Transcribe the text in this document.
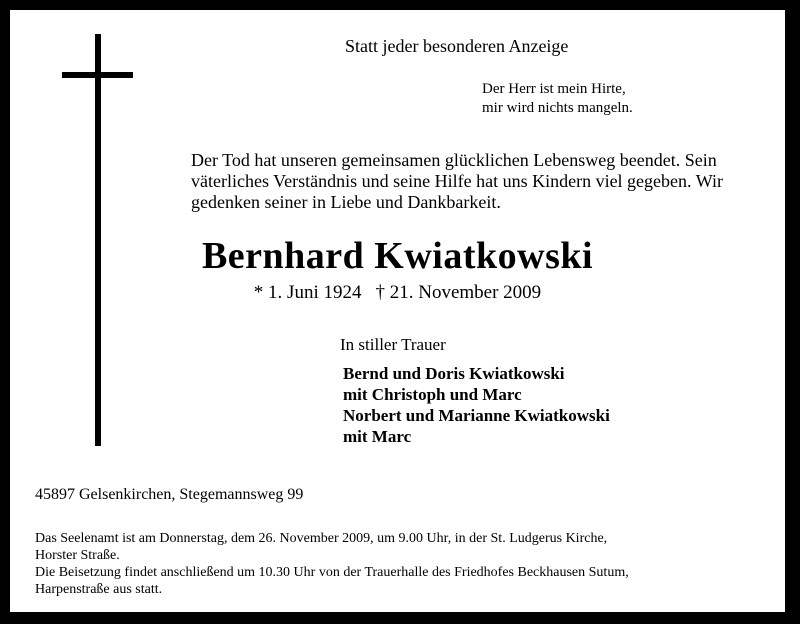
Statt jeder besonderen Anzeige
Der Herr ist mein Hirte,
mir wird nichts mangeln.
Der Tod hat unseren gemeinsamen glücklichen Lebensweg beendet. Sein
väterliches Verständnis und seine Hilfe hat uns Kindern viel gegeben. Wir
gedenken seiner in Liebe und Dankbarkeit.
Bernhard Kwiatkowski
* 1. Juni 1924 † 21. November 2009
In stiller Trauer
Bernd und Doris Kwiatkowski
mit Christoph und Marc
Norbert und Marianne Kwiatkowski
mit Marc
45897 Gelsenkirchen, Stegemannsweg 99
Das Seelenamt ist am Donnerstag, dem 26. November 2009, um 9.00 Uhr, in der St. Ludgerus Kirche,
Horster Straße.
Die Beisetzung findet anschließend um 10.30 Uhr von der Trauerhalle des Friedhofes Beckhausen Sutum,
Harpenstraße aus statt.
